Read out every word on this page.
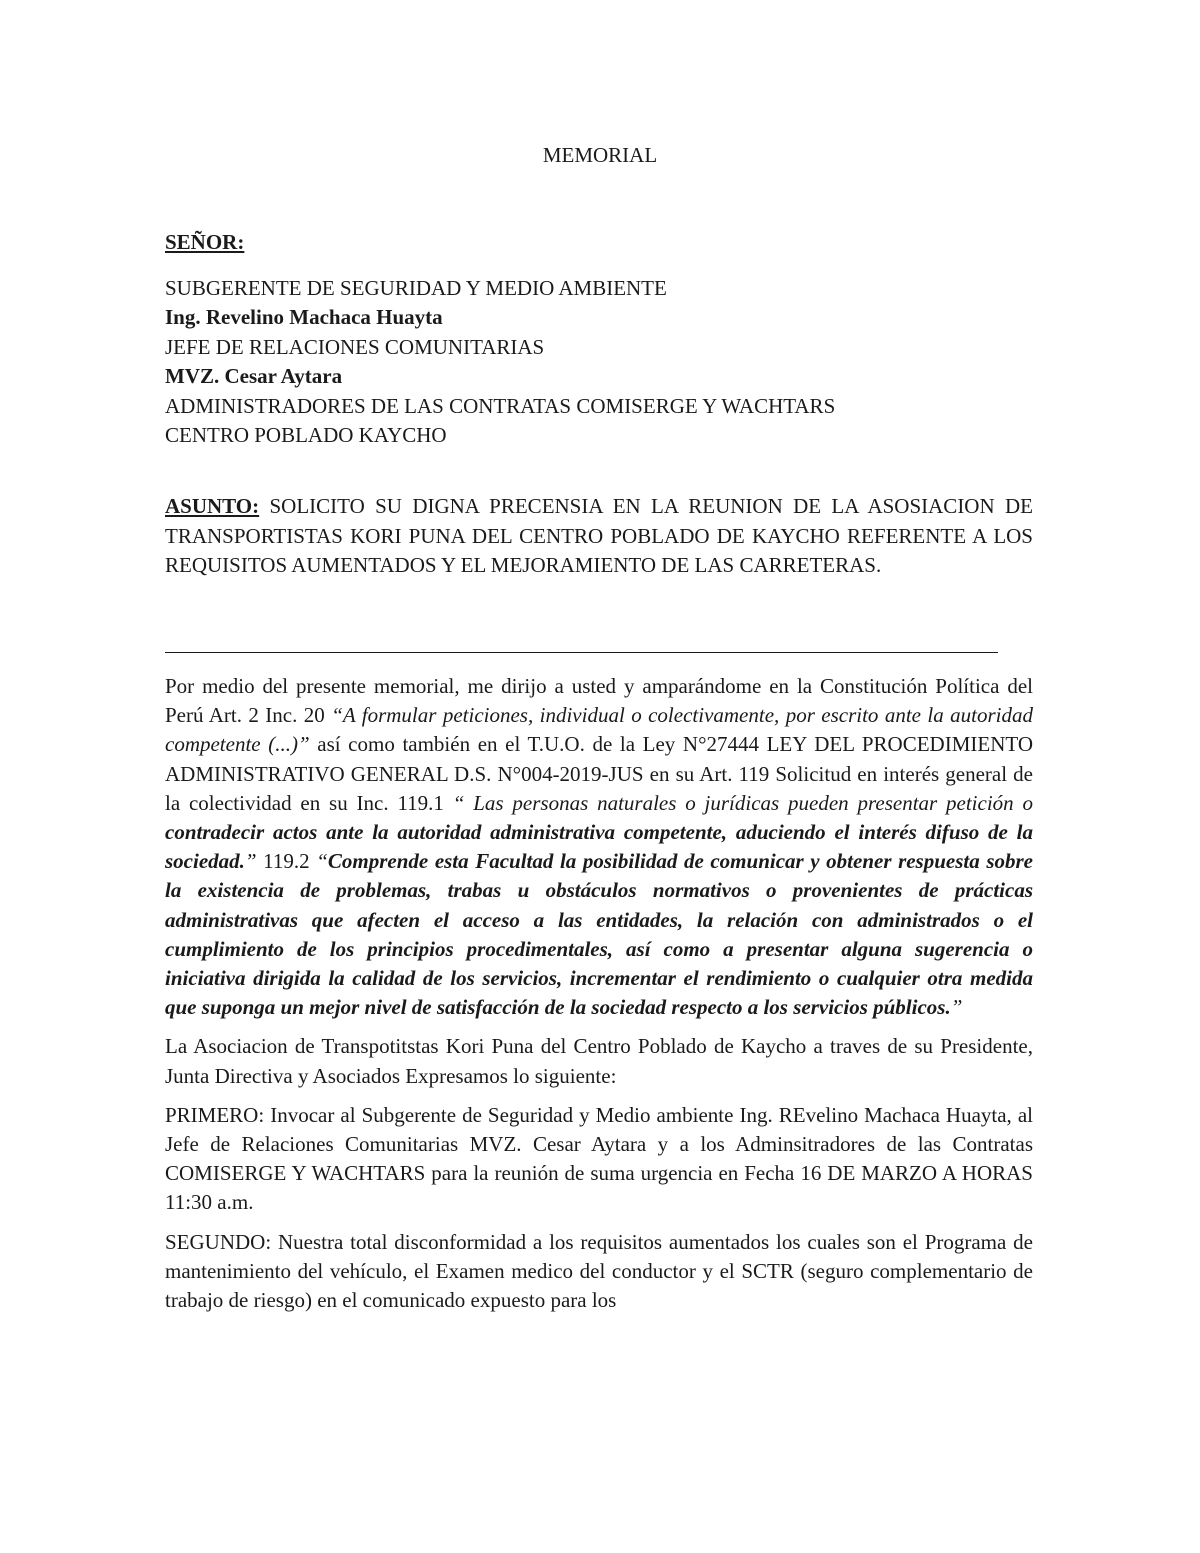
MEMORIAL
SEÑOR:
SUBGERENTE DE SEGURIDAD Y MEDIO AMBIENTE
Ing. Revelino Machaca Huayta
JEFE DE RELACIONES COMUNITARIAS
MVZ. Cesar Aytara
ADMINISTRADORES DE LAS CONTRATAS COMISERGE Y WACHTARS
CENTRO POBLADO KAYCHO
ASUNTO: SOLICITO SU DIGNA PRECENSIA EN LA REUNION DE LA ASOSIACION DE TRANSPORTISTAS KORI PUNA DEL CENTRO POBLADO DE KAYCHO REFERENTE A LOS REQUISITOS AUMENTADOS Y EL MEJORAMIENTO DE LAS CARRETERAS.

Por medio del presente memorial, me dirijo a usted y amparándome en la Constitución Política del Perú Art. 2 Inc. 20 “A formular peticiones, individual o colectivamente, por escrito ante la autoridad competente (...)” así como también en el T.U.O. de la Ley N°27444 LEY DEL PROCEDIMIENTO ADMINISTRATIVO GENERAL D.S. N°004-2019-JUS en su Art. 119 Solicitud en interés general de la colectividad en su Inc. 119.1 “ Las personas naturales o jurídicas pueden presentar petición o contradecir actos ante la autoridad administrativa competente, aduciendo el interés difuso de la sociedad.” 119.2 “Comprende esta Facultad la posibilidad de comunicar y obtener respuesta sobre la existencia de problemas, trabas u obstáculos normativos o provenientes de prácticas administrativas que afecten el acceso a las entidades, la relación con administrados o el cumplimiento de los principios procedimentales, así como a presentar alguna sugerencia o iniciativa dirigida la calidad de los servicios, incrementar el rendimiento o cualquier otra medida que suponga un mejor nivel de satisfacción de la sociedad respecto a los servicios públicos.”

La Asociacion de Transpotitstas Kori Puna del Centro Poblado de Kaycho a traves de su Presidente, Junta Directiva y Asociados Expresamos lo siguiente:

PRIMERO: Invocar al Subgerente de Seguridad y Medio ambiente Ing. REvelino Machaca Huayta, al Jefe de Relaciones Comunitarias MVZ. Cesar Aytara y a los Adminsitradores de las Contratas COMISERGE Y WACHTARS para la reunión de suma urgencia en Fecha 16 DE MARZO A HORAS 11:30 a.m.

SEGUNDO: Nuestra total disconformidad a los requisitos aumentados los cuales son el Programa de mantenimiento del vehículo, el Examen medico del conductor y el SCTR (seguro complementario de trabajo de riesgo) en el comunicado expuesto para los
